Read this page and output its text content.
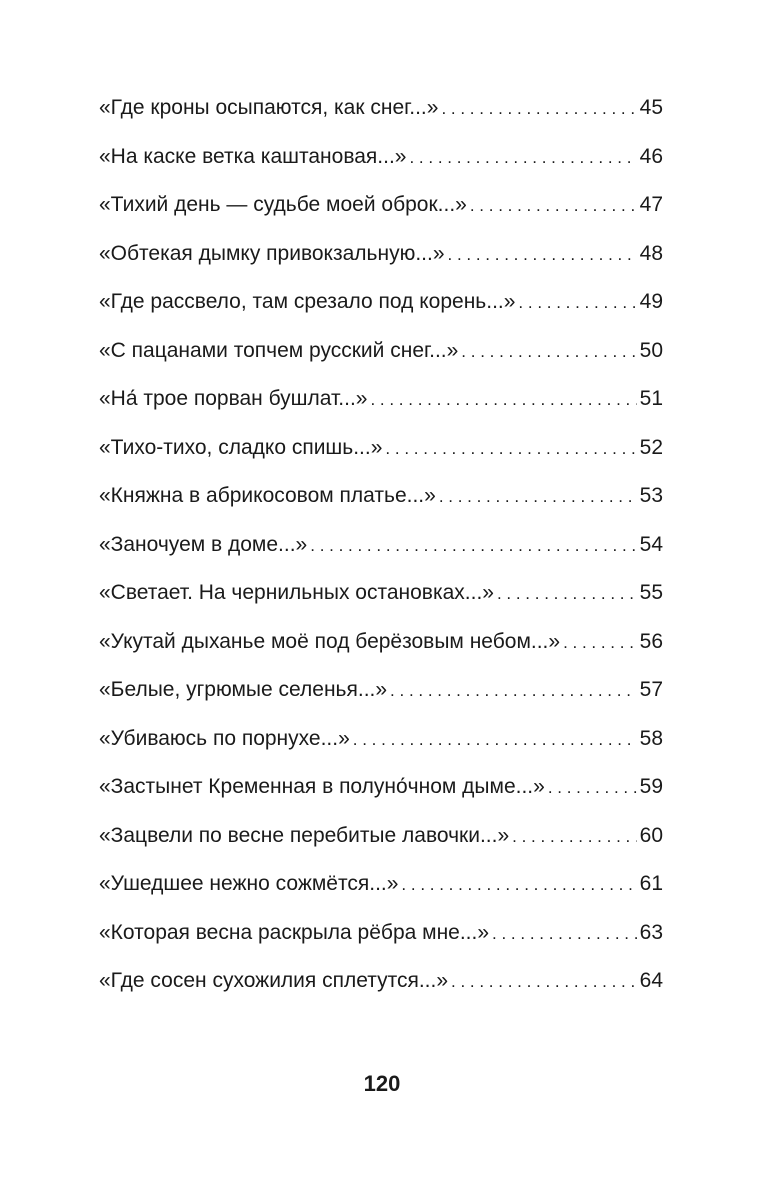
«Где кроны осыпаются, как снег...» . . .	45
«На каске ветка каштановая...» . . .	46
«Тихий день — судьбе моей оброк...» . . .	47
«Обтекая дымку привокзальную...» . . .	48
«Где рассвело, там срезало под корень...» . . .	49
«С пацанами топчем русский снег...» . . .	50
«На́ трое порван бушлат...» . . .	51
«Тихо-тихо, сладко спишь...» . . .	52
«Княжна в абрикосовом платье...» . . .	53
«Заночуем в доме...» . . .	54
«Светает. На чернильных остановках...» . . .	55
«Укутай дыханье моё под берёзовым небом...» . . .	56
«Белые, угрюмые селенья...» . . .	57
«Убиваюсь по порнухе...» . . .	58
«Застынет Кременная в полуно́чном дыме...» . . .	59
«Зацвели по весне перебитые лавочки...» . . .	60
«Ушедшее нежно сожмётся...» . . .	61
«Которая весна раскрыла рёбра мне...» . . .	63
«Где сосен сухожилия сплетутся...» . . .	64
120
